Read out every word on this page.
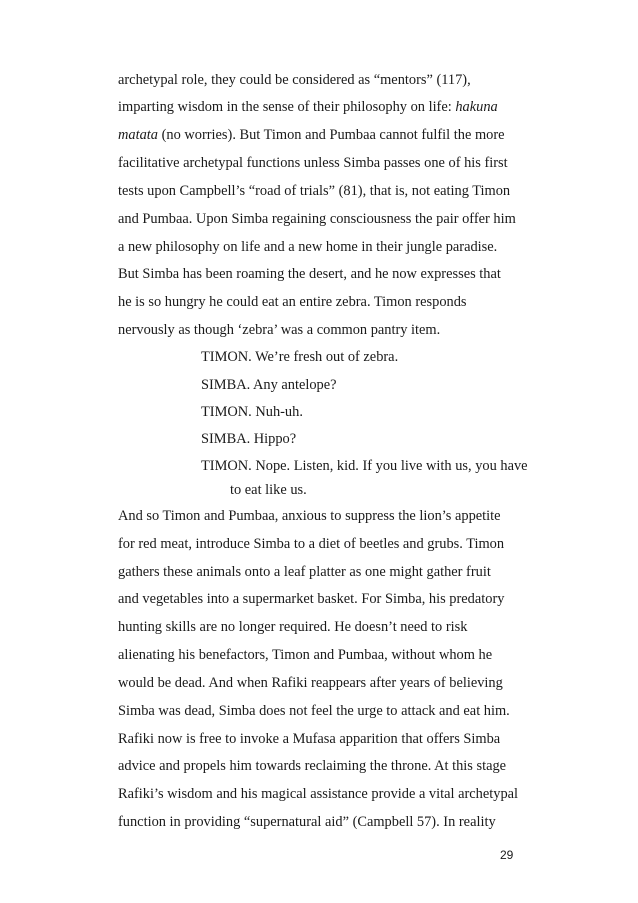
archetypal role, they could be considered as “mentors” (117),
imparting wisdom in the sense of their philosophy on life: hakuna
matata (no worries). But Timon and Pumbaa cannot fulfil the more
facilitative archetypal functions unless Simba passes one of his first
tests upon Campbell’s “road of trials” (81), that is, not eating Timon
and Pumbaa. Upon Simba regaining consciousness the pair offer him
a new philosophy on life and a new home in their jungle paradise.
But Simba has been roaming the desert, and he now expresses that
he is so hungry he could eat an entire zebra. Timon responds
nervously as though ‘zebra’ was a common pantry item.
TIMON. We’re fresh out of zebra.
SIMBA. Any antelope?
TIMON. Nuh-uh.
SIMBA. Hippo?
TIMON. Nope. Listen, kid. If you live with us, you have
to eat like us.
And so Timon and Pumbaa, anxious to suppress the lion’s appetite
for red meat, introduce Simba to a diet of beetles and grubs. Timon
gathers these animals onto a leaf platter as one might gather fruit
and vegetables into a supermarket basket. For Simba, his predatory
hunting skills are no longer required. He doesn’t need to risk
alienating his benefactors, Timon and Pumbaa, without whom he
would be dead. And when Rafiki reappears after years of believing
Simba was dead, Simba does not feel the urge to attack and eat him.
Rafiki now is free to invoke a Mufasa apparition that offers Simba
advice and propels him towards reclaiming the throne. At this stage
Rafiki’s wisdom and his magical assistance provide a vital archetypal
function in providing “supernatural aid” (Campbell 57). In reality
29
